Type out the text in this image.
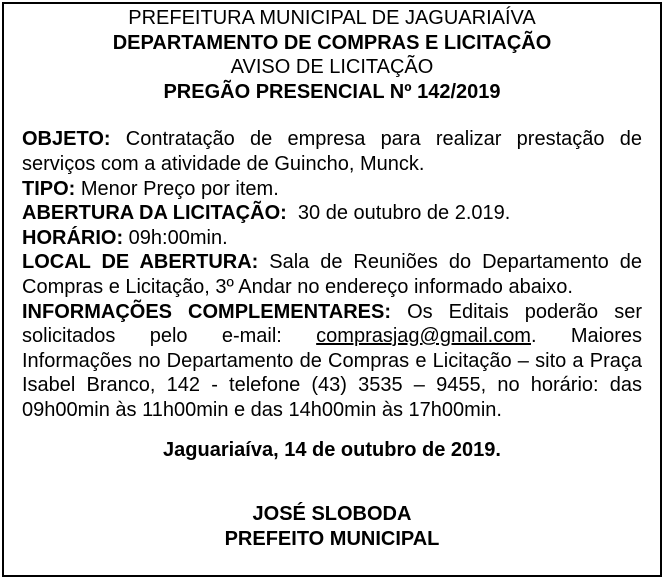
PREFEITURA MUNICIPAL DE JAGUARIAÍVA

DEPARTAMENTO DE COMPRAS E LICITAÇÃO

AVISO DE LICITAÇÃO

PREGÃO PRESENCIAL Nº 142/2019

OBJETO: Contratação de empresa para realizar prestação de serviços com a atividade de Guincho, Munck.

TIPO: Menor Preço por item.

ABERTURA DA LICITAÇÃO:  30 de outubro de 2.019.

HORÁRIO: 09h:00min.

LOCAL DE ABERTURA: Sala de Reuniões do Departamento de Compras e Licitação, 3º Andar no endereço informado abaixo.

INFORMAÇÕES COMPLEMENTARES: Os Editais poderão ser solicitados pelo e-mail: comprasjag@gmail.com. Maiores Informações no Departamento de Compras e Licitação – sito a Praça Isabel Branco, 142 - telefone (43) 3535 – 9455, no horário: das 09h00min às 11h00min e das 14h00min às 17h00min.

Jaguariaíva, 14 de outubro de 2019.

JOSÉ SLOBODA

PREFEITO MUNICIPAL
